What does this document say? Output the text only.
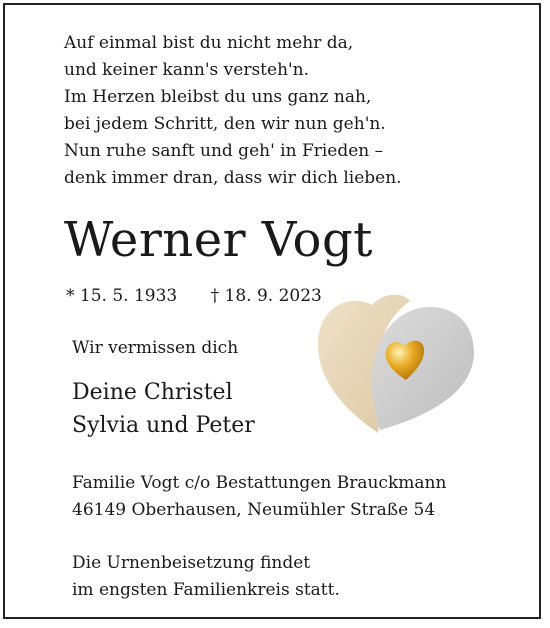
Auf einmal bist du nicht mehr da,
und keiner kann's versteh'n.
Im Herzen bleibst du uns ganz nah,
bei jedem Schritt, den wir nun geh'n.
Nun ruhe sanft und geh' in Frieden –
denk immer dran, dass wir dich lieben.
Werner Vogt
* 15. 5. 1933 † 18. 9. 2023
Wir vermissen dich
Deine Christel
Sylvia und Peter
Familie Vogt c/o Bestattungen Brauckmann
46149 Oberhausen, Neumühler Straße 54
Die Urnenbeisetzung findet
im engsten Familienkreis statt.
